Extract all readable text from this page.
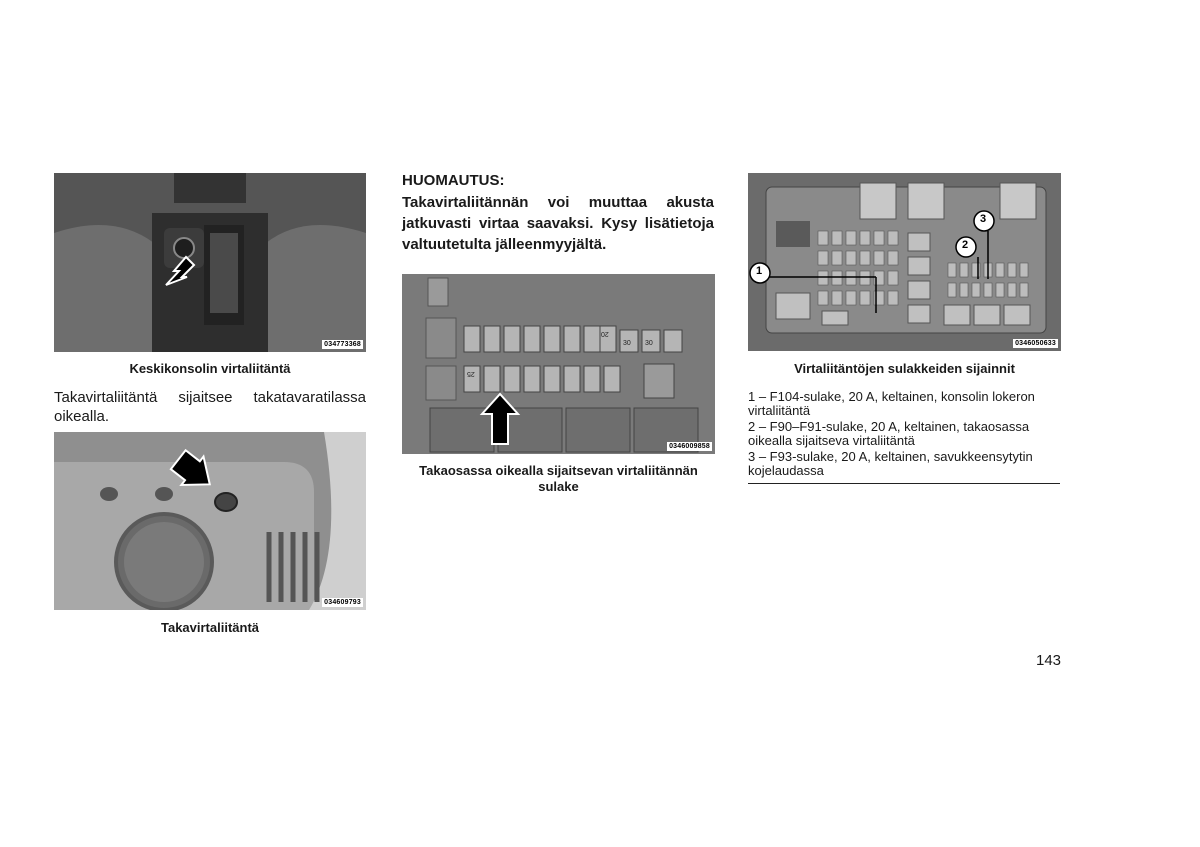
034773368
Keskikonsolin virtaliitäntä
Takavirtaliitäntä sijaitsee takatavaratilassa oikealla.
034609793
Takavirtaliitäntä
HUOMAUTUS:
Takavirtaliitännän voi muuttaa akusta jatkuvasti virtaa saavaksi. Kysy lisätietoja valtuutetulta jälleenmyyjältä.
20
30 30
25
0346009858
Takaosassa oikealla sijaitsevan virtaliitännän sulake
1
2
3
0346050633
Virtaliitäntöjen sulakkeiden sijainnit
1 – F104-sulake, 20 A, keltainen, konsolin lokeron virtaliitäntä
2 – F90–F91-sulake, 20 A, keltainen, takaosassa oikealla sijaitseva virtaliitäntä
3 – F93-sulake, 20 A, keltainen, savukkeensytytin kojelaudassa
143
